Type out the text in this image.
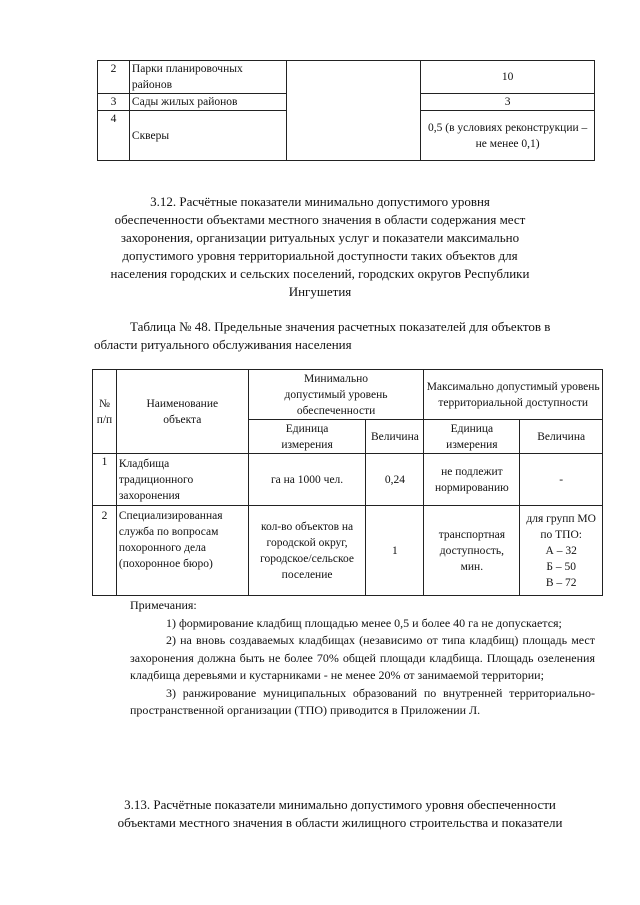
2	Парки планировочных районов		10
3	Сады жилых районов		3
4	Скверы		0,5 (в условиях реконструкции – не менее 0,1)
3.12. Расчётные показатели минимально допустимого уровня
обеспеченности объектами местного значения в области содержания мест
захоронения, организации ритуальных услуг и показатели максимально
допустимого уровня территориальной доступности таких объектов для
населения городских и сельских поселений, городских округов Республики
Ингушетия
Таблица № 48. Предельные значения расчетных показателей для объектов в
области ритуального обслуживания населения
№ п/п	Наименование объекта	Минимально допустимый уровень обеспеченности		Максимально допустимый уровень территориальной доступности	
		Единица измерения	Величина	Единица измерения	Величина
1	Кладбища традиционного захоронения	га на 1000 чел.	0,24	не подлежит нормированию	-
2	Специализированная служба по вопросам похоронного дела (похоронное бюро)	кол-во объектов на городской округ, городское/сельское поселение	1	транспортная доступность, мин.	для групп МО по ТПО:
А – 32
Б – 50
В – 72

Примечания:

1) формирование кладбищ площадью менее 0,5 и более 40 га не допускается;

2) на вновь создаваемых кладбищах (независимо от типа кладбищ) площадь мест захоронения должна быть не более 70% общей площади кладбища. Площадь озеленения кладбища деревьями и кустарниками - не менее 20% от занимаемой территории;

3) ранжирование муниципальных образований по внутренней территориально-пространственной организации (ТПО) приводится в Приложении Л.

3.13. Расчётные показатели минимально допустимого уровня обеспеченности
объектами местного значения в области жилищного строительства и показатели
